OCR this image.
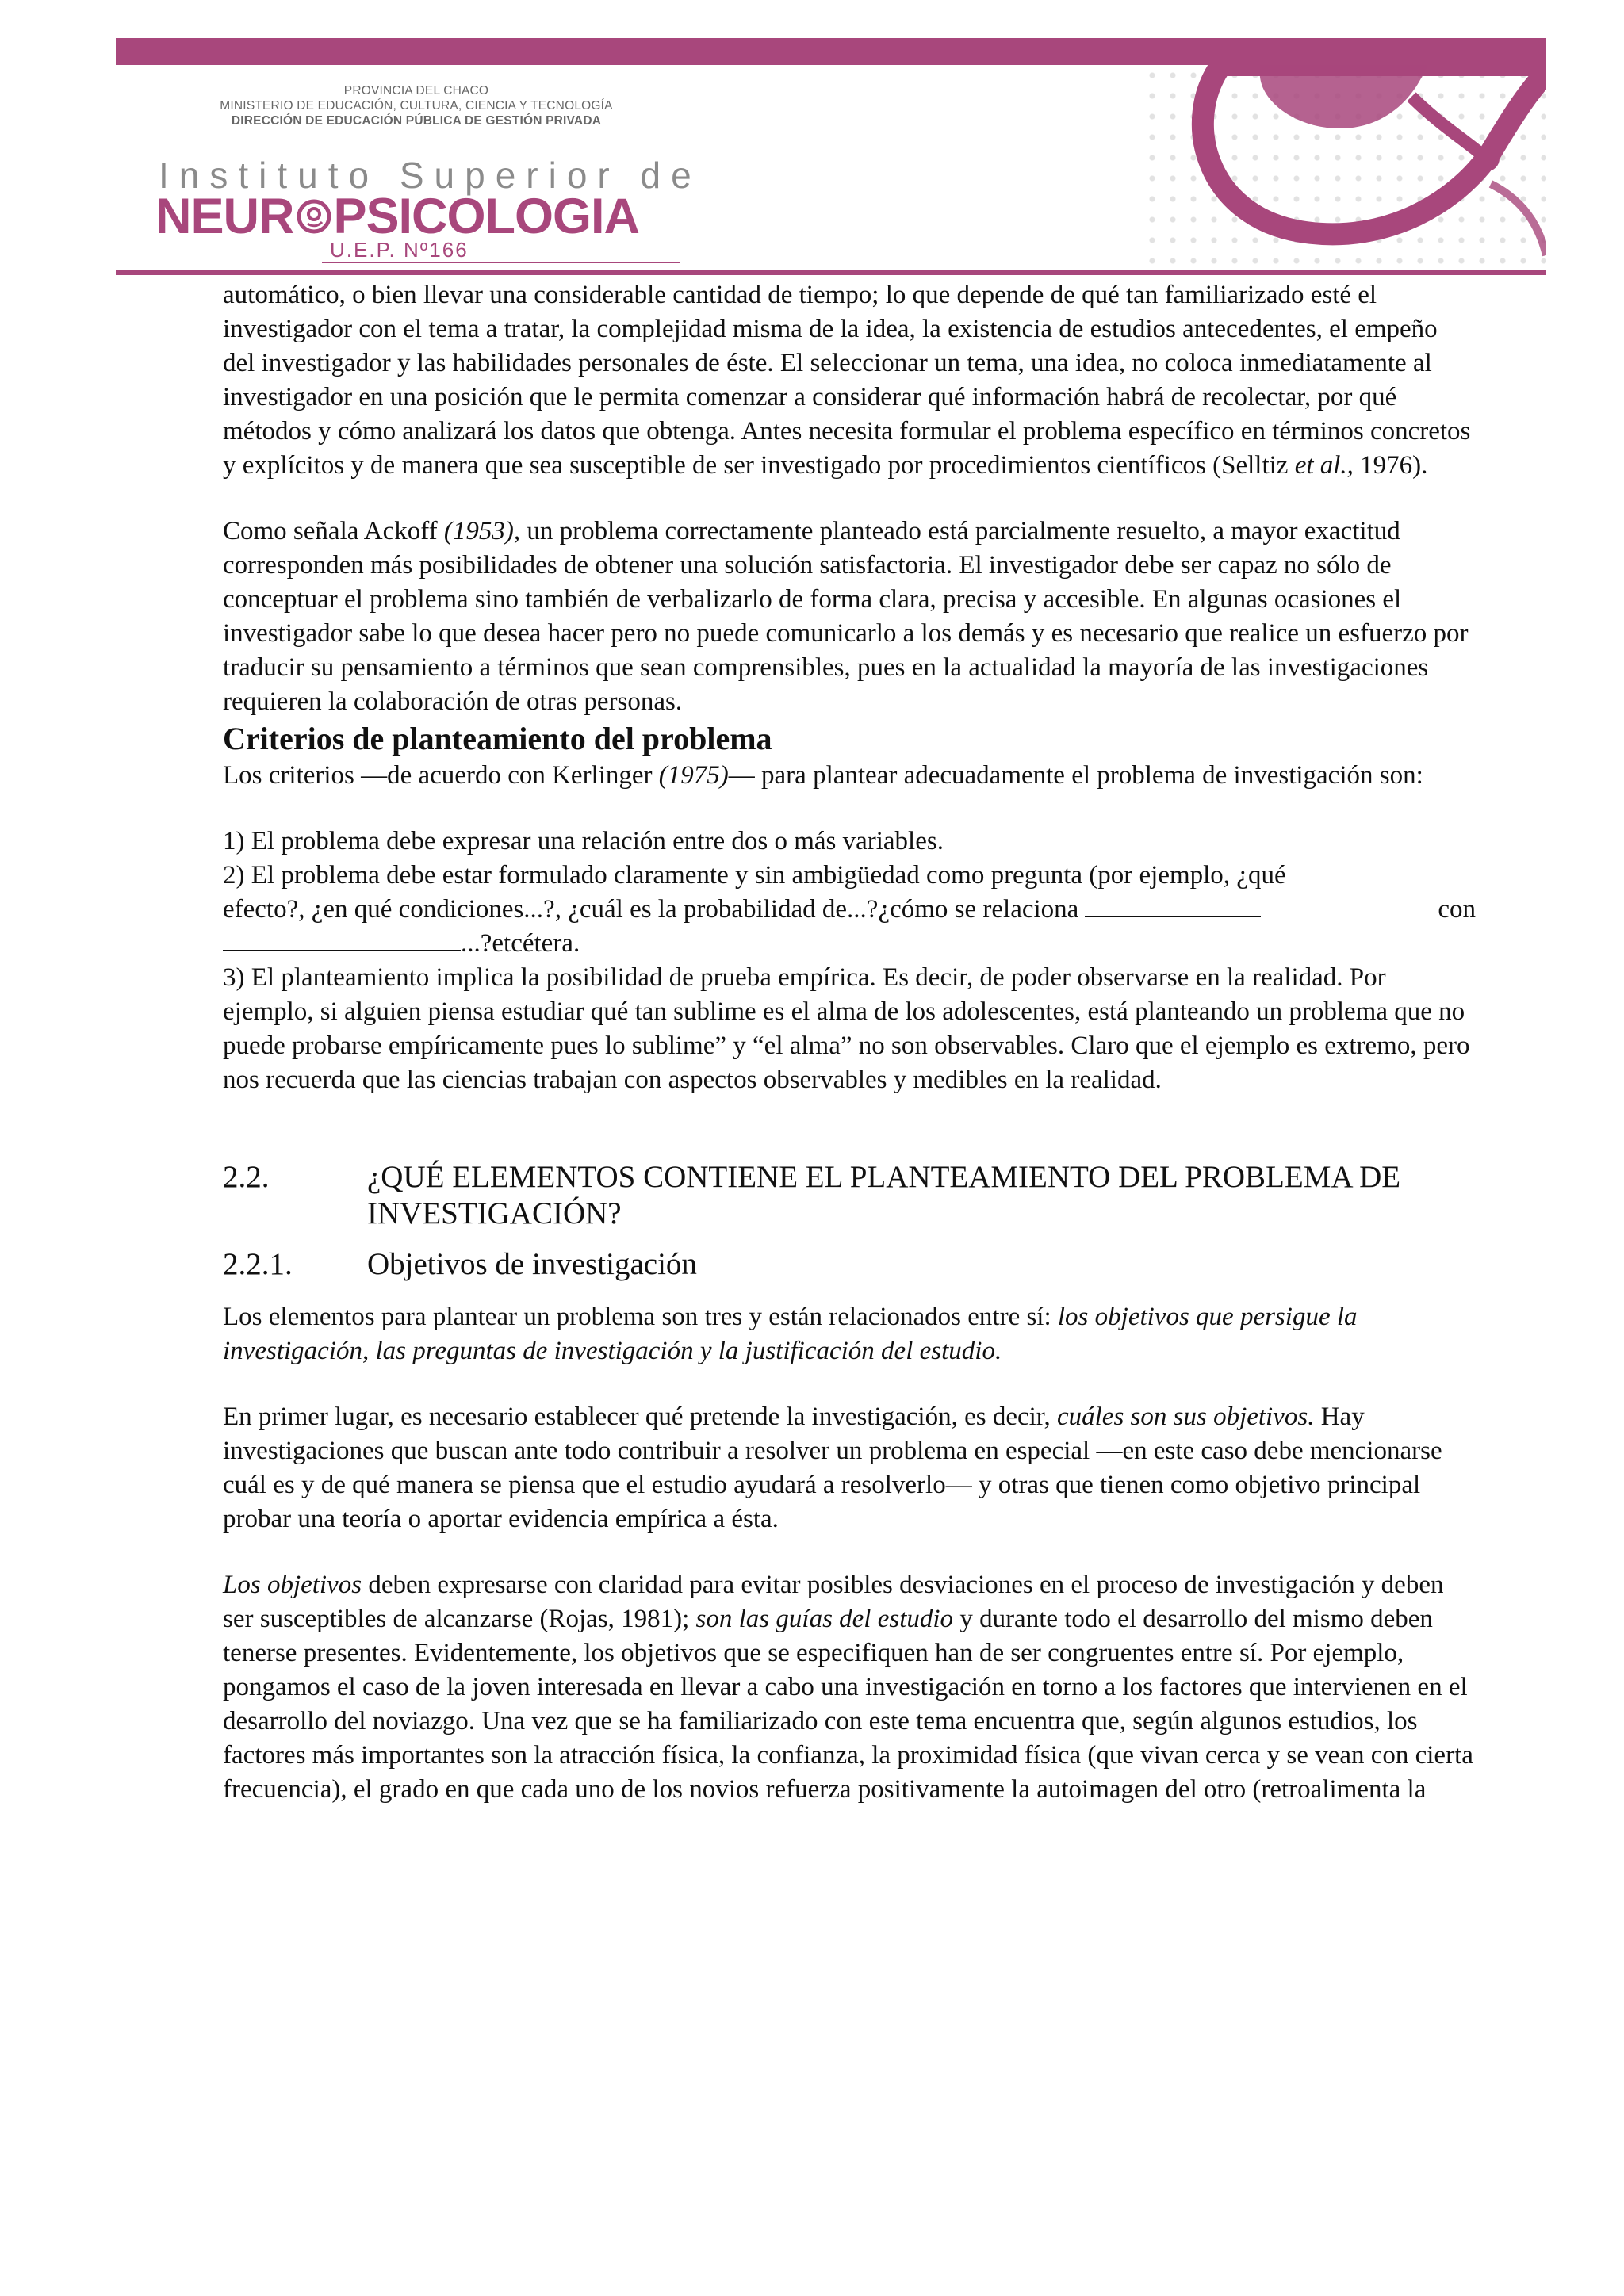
PROVINCIA DEL CHACO
MINISTERIO DE EDUCACIÓN, CULTURA, CIENCIA Y TECNOLOGÍA
DIRECCIÓN DE EDUCACIÓN PÚBLICA DE GESTIÓN PRIVADA
Instituto Superior de
NEUR PSICOLOGIA
U.E.P. Nº166

automático, o bien llevar una considerable cantidad de tiempo; lo que depende de qué tan familiarizado esté el investigador con el tema a tratar, la complejidad misma de la idea, la existencia de estudios antecedentes, el empeño del investigador y las habilidades personales de éste. El seleccionar un tema, una idea, no coloca inmediatamente al investigador en una posición que le permita comenzar a considerar qué información habrá de recolectar, por qué métodos y cómo analizará los datos que obtenga. Antes necesita formular el problema específico en términos concretos y explícitos y de manera que sea susceptible de ser investigado por procedimientos científicos (Selltiz et al., 1976).

Como señala Ackoff (1953), un problema correctamente planteado está parcialmente resuelto, a mayor exactitud corresponden más posibilidades de obtener una solución satisfactoria. El investigador debe ser capaz no sólo de conceptuar el problema sino también de verbalizarlo de forma clara, precisa y accesible. En algunas ocasiones el investigador sabe lo que desea hacer pero no puede comunicarlo a los demás y es necesario que realice un esfuerzo por traducir su pensamiento a términos que sean comprensibles, pues en la actualidad la mayoría de las investigaciones requieren la colaboración de otras personas.

Criterios de planteamiento del problema

Los criterios —de acuerdo con Kerlinger (1975)— para plantear adecuadamente el problema de investigación son:

1) El problema debe expresar una relación entre dos o más variables.

2) El problema debe estar formulado claramente y sin ambigüedad como pregunta (por ejemplo, ¿qué

efecto?, ¿en qué condiciones...?, ¿cuál es la probabilidad de...?¿cómo se relaciona	con

...?etcétera.

3) El planteamiento implica la posibilidad de prueba empírica. Es decir, de poder observarse en la realidad. Por ejemplo, si alguien piensa estudiar qué tan sublime es el alma de los adolescentes, está planteando un problema que no puede probarse empíricamente pues lo sublime” y “el alma” no son observables. Claro que el ejemplo es extremo, pero nos recuerda que las ciencias trabajan con aspectos observables y medibles en la realidad.

2.2.	¿QUÉ ELEMENTOS CONTIENE EL PLANTEAMIENTO DEL PROBLEMA DE INVESTIGACIÓN?
2.2.1.	Objetivos de investigación

Los elementos para plantear un problema son tres y están relacionados entre sí: los objetivos que persigue la investigación, las preguntas de investigación y la justificación del estudio.

En primer lugar, es necesario establecer qué pretende la investigación, es decir, cuáles son sus objetivos. Hay investigaciones que buscan ante todo contribuir a resolver un problema en especial —en este caso debe mencionarse cuál es y de qué manera se piensa que el estudio ayudará a resolverlo— y otras que tienen como objetivo principal probar una teoría o aportar evidencia empírica a ésta.

Los objetivos deben expresarse con claridad para evitar posibles desviaciones en el proceso de investigación y deben ser susceptibles de alcanzarse (Rojas, 1981); son las guías del estudio y durante todo el desarrollo del mismo deben tenerse presentes. Evidentemente, los objetivos que se especifiquen han de ser congruentes entre sí. Por ejemplo, pongamos el caso de la joven interesada en llevar a cabo una investigación en torno a los factores que intervienen en el desarrollo del noviazgo. Una vez que se ha familiarizado con este tema encuentra que, según algunos estudios, los factores más importantes son la atracción física, la confianza, la proximidad física (que vivan cerca y se vean con cierta frecuencia), el grado en que cada uno de los novios refuerza positivamente la autoimagen del otro (retroalimenta la
